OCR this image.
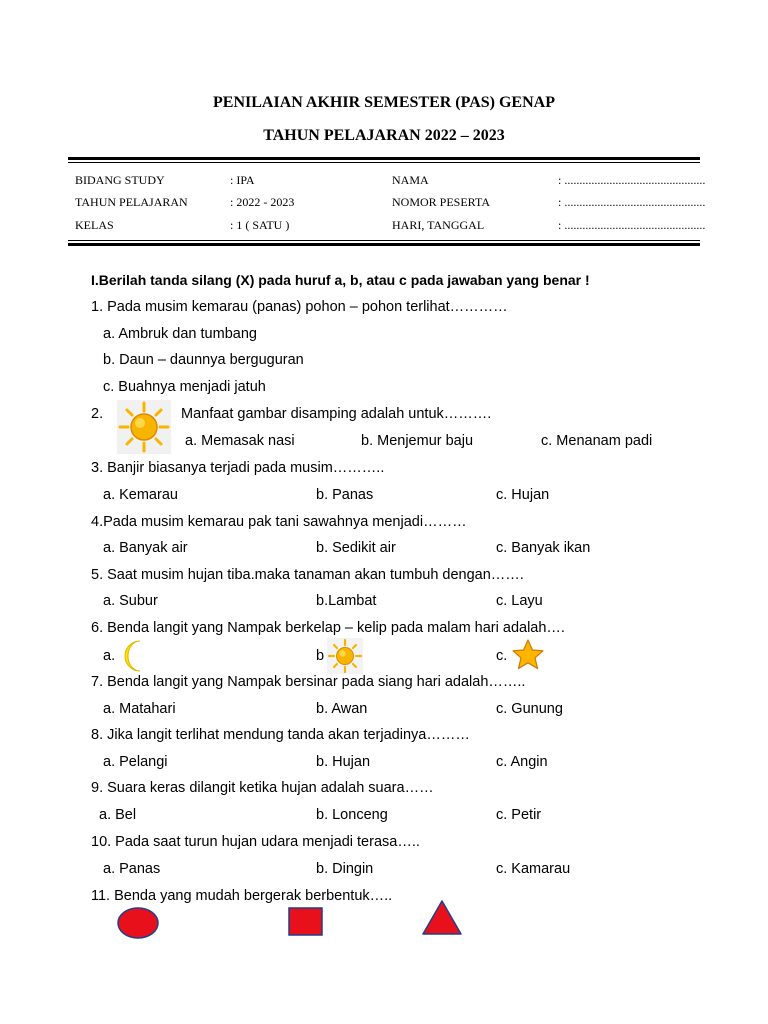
PENILAIAN AKHIR SEMESTER (PAS) GENAP
TAHUN PELAJARAN 2022 – 2023
BIDANG STUDY	: IPA	NAMA	: ...............................................
TAHUN PELAJARAN	: 2022 - 2023	NOMOR PESERTA	: ...............................................
KELAS	: 1 ( SATU )	HARI, TANGGAL	: ...............................................
I.Berilah tanda silang (X) pada huruf a, b, atau c pada jawaban yang benar !
1. Pada musim kemarau (panas) pohon – pohon terlihat…………
a. Ambruk dan tumbang
b. Daun – daunnya berguguran
c. Buahnya menjadi jatuh
2.	Manfaat gambar disamping adalah untuk……….
a. Memasak nasi	b. Menjemur baju	c. Menanam padi
3. Banjir biasanya terjadi pada musim………..
a. Kemarau	b. Panas	c. Hujan
4.Pada musim kemarau pak tani sawahnya menjadi………
a. Banyak air	b. Sedikit air	c. Banyak ikan
5. Saat musim hujan tiba.maka tanaman akan tumbuh dengan…….
a. Subur	b.Lambat	c. Layu
6. Benda langit yang Nampak berkelap – kelip pada malam hari adalah….
a.	b	c.
7. Benda langit yang Nampak bersinar pada siang hari adalah……..
a. Matahari	b. Awan	c. Gunung
8. Jika langit terlihat mendung tanda akan terjadinya………
a. Pelangi	b. Hujan	c. Angin
9. Suara keras dilangit ketika hujan adalah suara……
a. Bel	b. Lonceng	c. Petir
10. Pada saat turun hujan udara menjadi terasa…..
a. Panas	b. Dingin	c. Kamarau
11. Benda yang mudah bergerak berbentuk…..
